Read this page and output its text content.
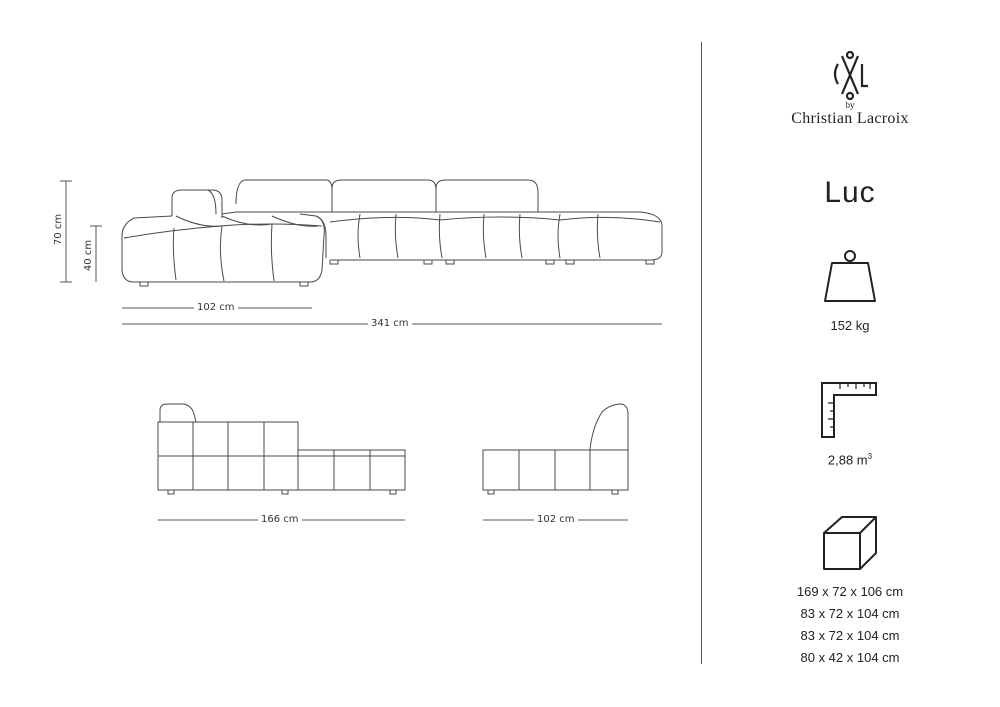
102 cm
341 cm
166 cm	102 cm
70 cm
40 cm
by
Christian Lacroix
Luc
152 kg
2,88 $m^3$
169 x 72 x 106 cm
83 x 72 x 104 cm
83 x 72 x 104 cm
80 x 42 x 104 cm
